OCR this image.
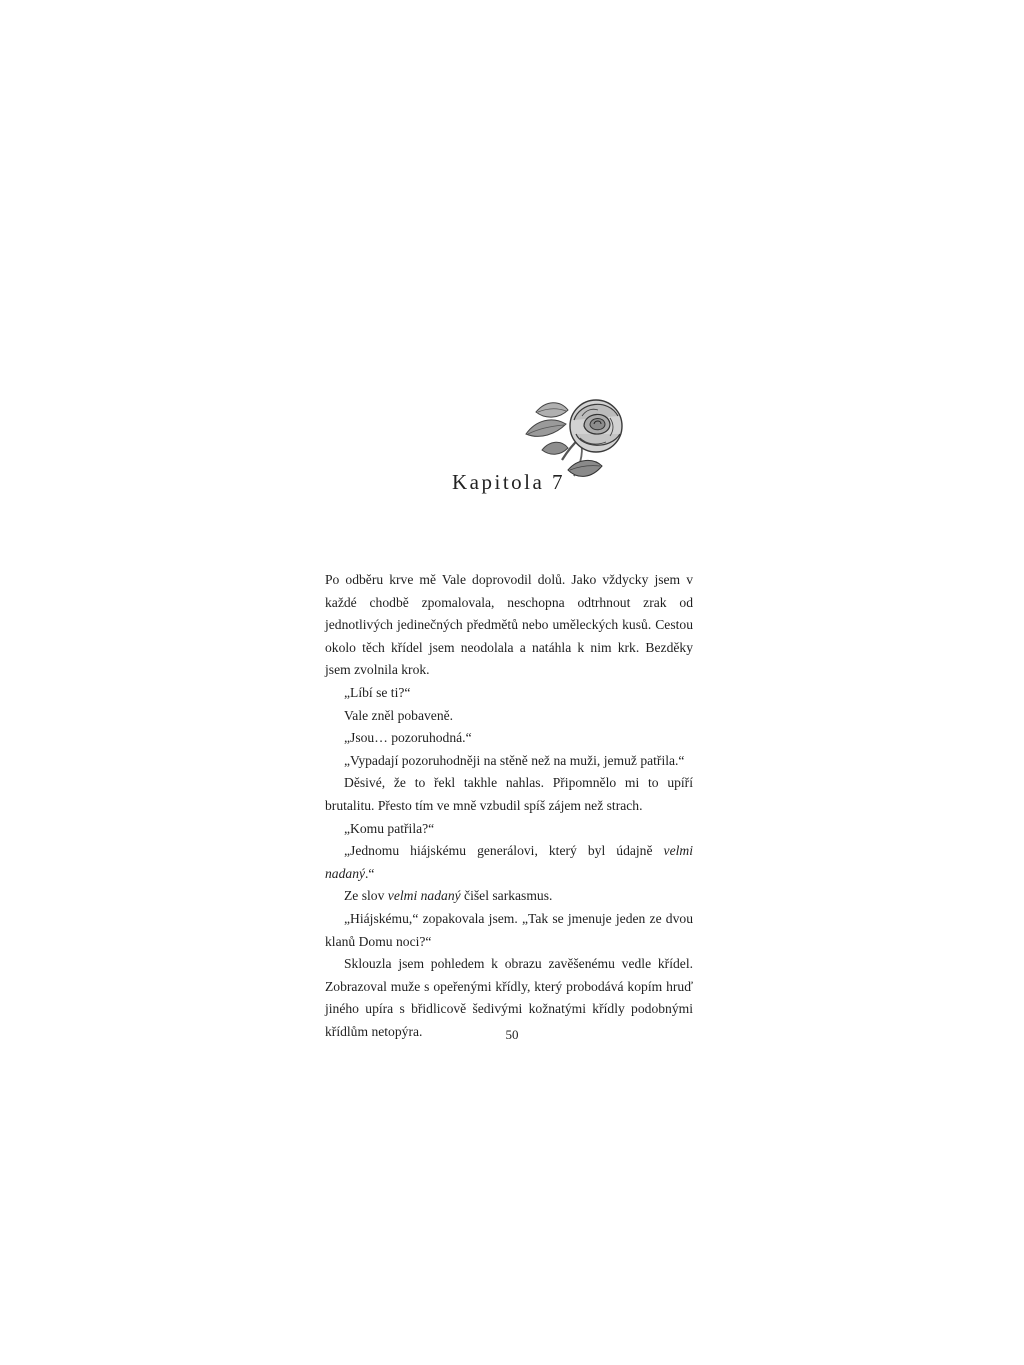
Kapitola 7

Po odběru krve mě Vale doprovodil dolů. Jako vždycky jsem v každé chodbě zpomalovala, neschopna odtrhnout zrak od jednotlivých jedinečných předmětů nebo uměleckých kusů. Cestou okolo těch křídel jsem neodolala a natáhla k nim krk. Bezděky jsem zvolnila krok.

„Líbí se ti?“

Vale zněl pobaveně.

„Jsou… pozoruhodná.“

„Vypadají pozoruhodněji na stěně než na muži, jemuž patřila.“

Děsivé, že to řekl takhle nahlas. Připomnělo mi to upíří brutalitu. Přesto tím ve mně vzbudil spíš zájem než strach.

„Komu patřila?“

„Jednomu hiájskému generálovi, který byl údajně velmi nadaný.“

Ze slov velmi nadaný čišel sarkasmus.

„Hiájskému,“ zopakovala jsem. „Tak se jmenuje jeden ze dvou klanů Domu noci?“

Sklouzla jsem pohledem k obrazu zavěšenému vedle křídel. Zobrazoval muže s opeřenými křídly, který probodává kopím hruď jiného upíra s břidlicově šedivými kožnatými křídly podobnými křídlům netopýra.	50
